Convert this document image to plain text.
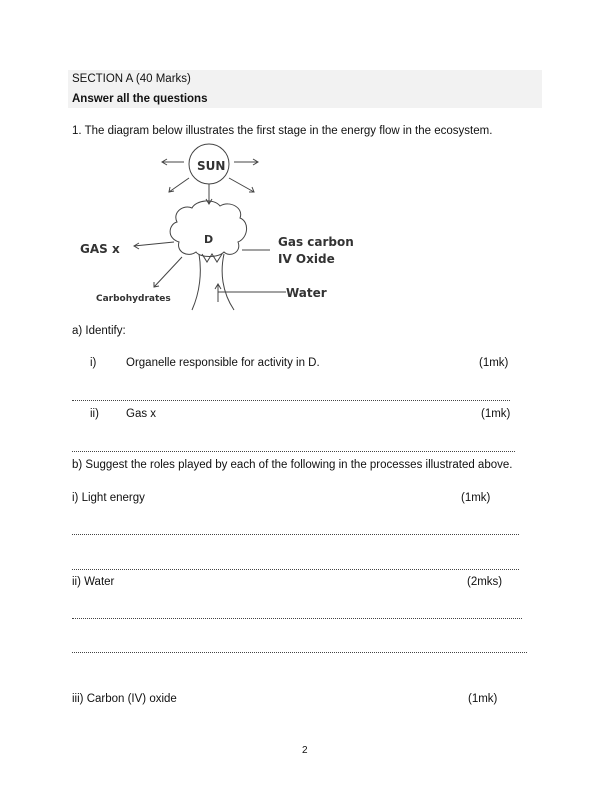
SECTION A (40 Marks)
Answer all the questions
1. The diagram below illustrates the first stage in the energy flow in the ecosystem.
SUN
D
GAS x	Gas carbon
IV Oxide
Water
Carbohydrates
a) Identify:
i)	Organelle responsible for activity in D.	(1mk)
ii) Gas x	(1mk)
b) Suggest the roles played by each of the following in the processes illustrated above.
i) Light energy	(1mk)
ii) Water	(2mks)
iii) Carbon (IV) oxide	(1mk)
2
